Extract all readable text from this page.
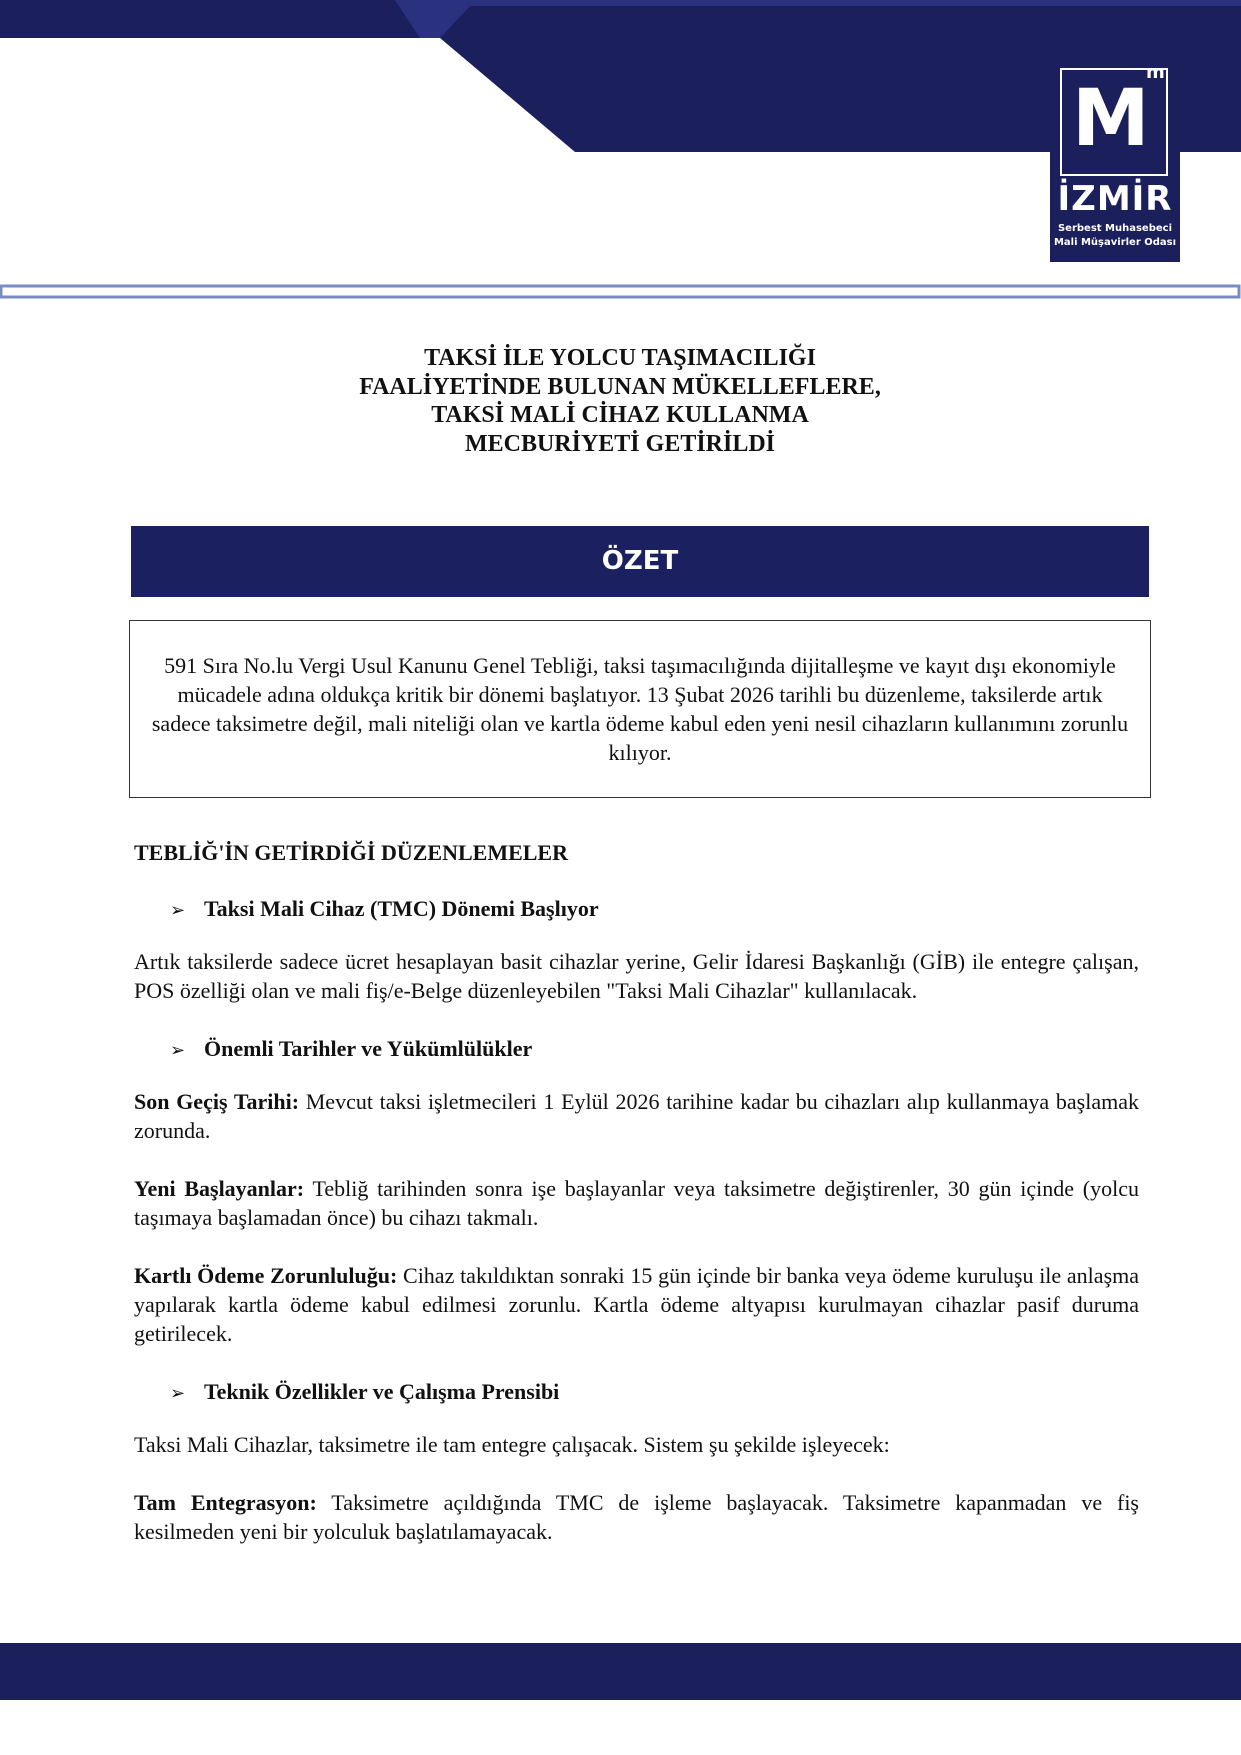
M
m
İZMİR
Serbest Muhasebeci
Mali Müşavirler Odası
TAKSİ İLE YOLCU TAŞIMACILIĞI
FAALİYETİNDE BULUNAN MÜKELLEFLERE,
TAKSİ MALİ CİHAZ KULLANMA
MECBURİYETİ GETİRİLDİ
ÖZET
591 Sıra No.lu Vergi Usul Kanunu Genel Tebliği, taksi taşımacılığında dijitalleşme ve kayıt dışı ekonomiyle mücadele adına oldukça kritik bir dönemi başlatıyor. 13 Şubat 2026 tarihli bu düzenleme, taksilerde artık sadece taksimetre değil, mali niteliği olan ve kartla ödeme kabul eden yeni nesil cihazların kullanımını zorunlu kılıyor.
TEBLİĞ'İN GETİRDİĞİ DÜZENLEMELER
➢ Taksi Mali Cihaz (TMC) Dönemi Başlıyor
Artık taksilerde sadece ücret hesaplayan basit cihazlar yerine, Gelir İdaresi Başkanlığı (GİB) ile entegre çalışan, POS özelliği olan ve mali fiş/e-Belge düzenleyebilen "Taksi Mali Cihazlar" kullanılacak.
➢ Önemli Tarihler ve Yükümlülükler
Son Geçiş Tarihi: Mevcut taksi işletmecileri 1 Eylül 2026 tarihine kadar bu cihazları alıp kullanmaya başlamak zorunda.
Yeni Başlayanlar: Tebliğ tarihinden sonra işe başlayanlar veya taksimetre değiştirenler, 30 gün içinde (yolcu taşımaya başlamadan önce) bu cihazı takmalı.
Kartlı Ödeme Zorunluluğu: Cihaz takıldıktan sonraki 15 gün içinde bir banka veya ödeme kuruluşu ile anlaşma yapılarak kartla ödeme kabul edilmesi zorunlu. Kartla ödeme altyapısı kurulmayan cihazlar pasif duruma getirilecek.
➢ Teknik Özellikler ve Çalışma Prensibi
Taksi Mali Cihazlar, taksimetre ile tam entegre çalışacak. Sistem şu şekilde işleyecek:
Tam Entegrasyon: Taksimetre açıldığında TMC de işleme başlayacak. Taksimetre kapanmadan ve fiş kesilmeden yeni bir yolculuk başlatılamayacak.
